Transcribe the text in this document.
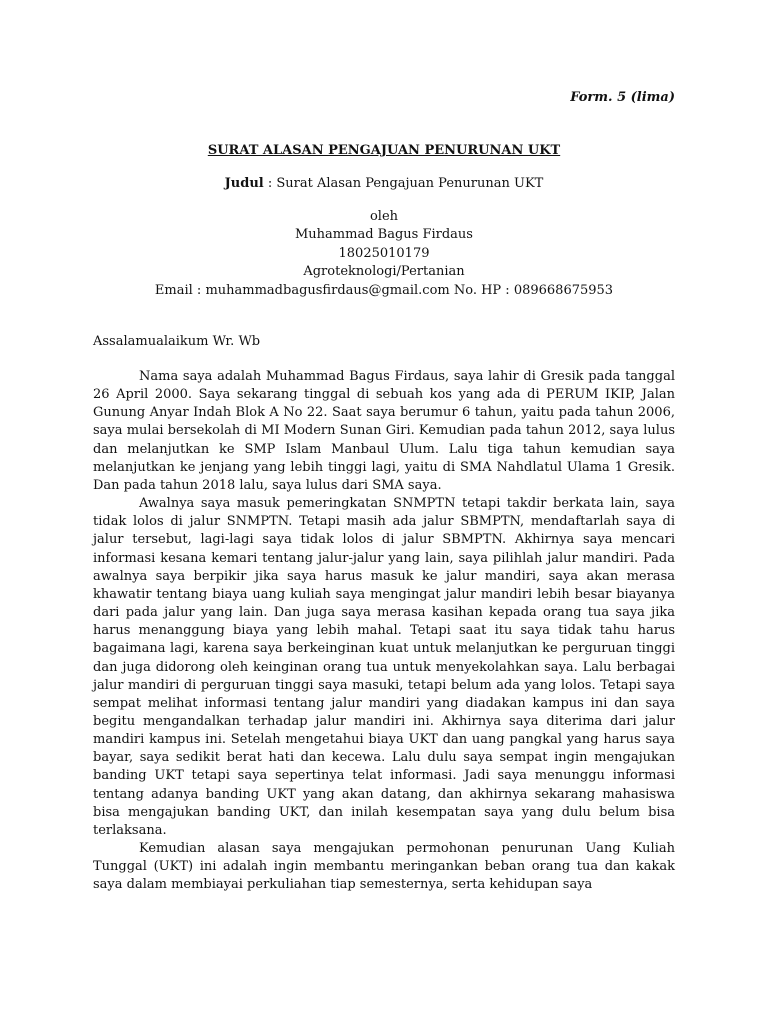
Form. 5 (lima)
SURAT ALASAN PENGAJUAN PENURUNAN UKT
Judul : Surat Alasan Pengajuan Penurunan UKT
oleh
Muhammad Bagus Firdaus
18025010179
Agroteknologi/Pertanian
Email : muhammadbagusfirdaus@gmail.com No. HP : 089668675953
Assalamualaikum Wr. Wb

Nama saya adalah Muhammad Bagus Firdaus, saya lahir di Gresik pada tanggal 26 April 2000. Saya sekarang tinggal di sebuah kos yang ada di PERUM IKIP, Jalan Gunung Anyar Indah Blok A No 22. Saat saya berumur 6 tahun, yaitu pada tahun 2006, saya mulai bersekolah di MI Modern Sunan Giri. Kemudian pada tahun 2012, saya lulus dan melanjutkan ke SMP Islam Manbaul Ulum. Lalu tiga tahun kemudian saya melanjutkan ke jenjang yang lebih tinggi lagi, yaitu di SMA Nahdlatul Ulama 1 Gresik. Dan pada tahun 2018 lalu, saya lulus dari SMA saya.

Awalnya saya masuk pemeringkatan SNMPTN tetapi takdir berkata lain, saya tidak lolos di jalur SNMPTN. Tetapi masih ada jalur SBMPTN, mendaftarlah saya di jalur tersebut, lagi-lagi saya tidak lolos di jalur SBMPTN. Akhirnya saya mencari informasi kesana kemari tentang jalur-jalur yang lain, saya pilihlah jalur mandiri. Pada awalnya saya berpikir jika saya harus masuk ke jalur mandiri, saya akan merasa khawatir tentang biaya uang kuliah saya mengingat jalur mandiri lebih besar biayanya dari pada jalur yang lain. Dan juga saya merasa kasihan kepada orang tua saya jika harus menanggung biaya yang lebih mahal. Tetapi saat itu saya tidak tahu harus bagaimana lagi, karena saya berkeinginan kuat untuk melanjutkan ke perguruan tinggi dan juga didorong oleh keinginan orang tua untuk menyekolahkan saya. Lalu berbagai jalur mandiri di perguruan tinggi saya masuki, tetapi belum ada yang lolos. Tetapi saya sempat melihat informasi tentang jalur mandiri yang diadakan kampus ini dan saya begitu mengandalkan terhadap jalur mandiri ini. Akhirnya saya diterima dari jalur mandiri kampus ini. Setelah mengetahui biaya UKT dan uang pangkal yang harus saya bayar, saya sedikit berat hati dan kecewa. Lalu dulu saya sempat ingin mengajukan banding UKT tetapi saya sepertinya telat informasi. Jadi saya menunggu informasi tentang adanya banding UKT yang akan datang, dan akhirnya sekarang mahasiswa bisa mengajukan banding UKT, dan inilah kesempatan saya yang dulu belum bisa terlaksana.

Kemudian alasan saya mengajukan permohonan penurunan Uang Kuliah Tunggal (UKT) ini adalah ingin membantu meringankan beban orang tua dan kakak saya dalam membiayai perkuliahan tiap semesternya, serta kehidupan saya
